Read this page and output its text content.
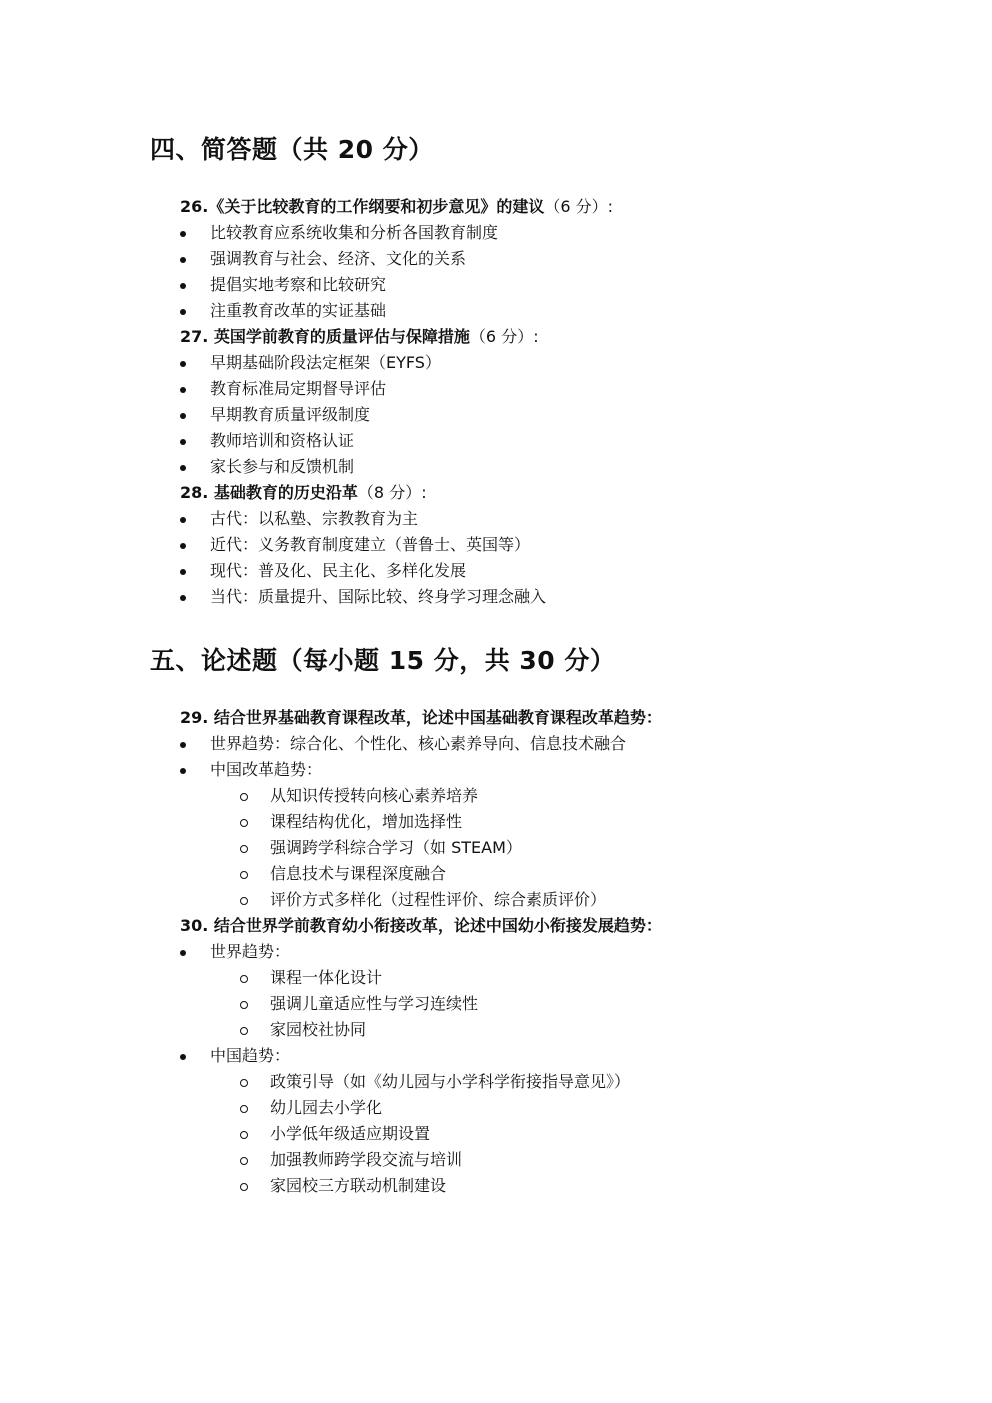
四、简答题（共 20 分）
26.《关于比较教育的工作纲要和初步意见》的建议（6 分）:
比较教育应系统收集和分析各国教育制度
强调教育与社会、经济、文化的关系
提倡实地考察和比较研究
注重教育改革的实证基础
27. 英国学前教育的质量评估与保障措施（6 分）:
早期基础阶段法定框架（EYFS）
教育标准局定期督导评估
早期教育质量评级制度
教师培训和资格认证
家长参与和反馈机制
28. 基础教育的历史沿革（8 分）:
古代：以私塾、宗教教育为主
近代：义务教育制度建立（普鲁士、英国等）
现代：普及化、民主化、多样化发展
当代：质量提升、国际比较、终身学习理念融入
五、论述题（每小题 15 分，共 30 分）
29. 结合世界基础教育课程改革，论述中国基础教育课程改革趋势：
世界趋势：综合化、个性化、核心素养导向、信息技术融合
中国改革趋势：
从知识传授转向核心素养培养
课程结构优化，增加选择性
强调跨学科综合学习（如 STEAM）
信息技术与课程深度融合
评价方式多样化（过程性评价、综合素质评价）
30. 结合世界学前教育幼小衔接改革，论述中国幼小衔接发展趋势：
世界趋势：
课程一体化设计
强调儿童适应性与学习连续性
家园校社协同
中国趋势：
政策引导（如《幼儿园与小学科学衔接指导意见》）
幼儿园去小学化
小学低年级适应期设置
加强教师跨学段交流与培训
家园校三方联动机制建设
